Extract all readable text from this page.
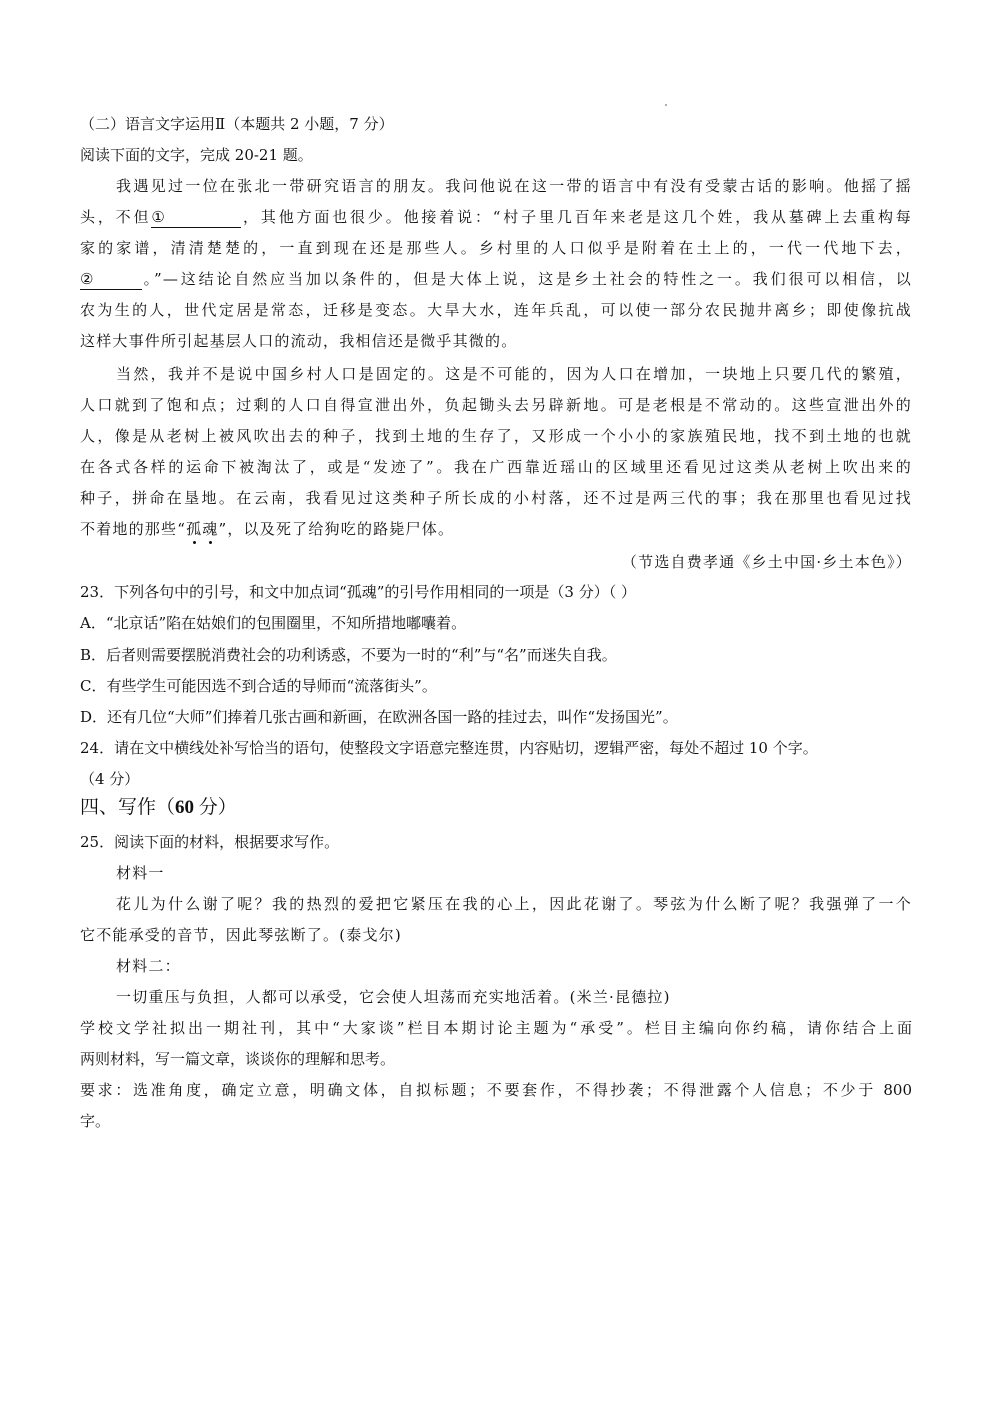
（二）语言文字运用Ⅱ（本题共 2 小题，7 分）
阅读下面的文字，完成 20-21 题。
我遇见过一位在张北一带研究语言的朋友。我问他说在这一带的语言中有没有受蒙古话的影响。他摇了摇
头，不但①	，其他方面也很少。他接着说：“村子里几百年来老是这几个姓，我从墓碑上去重构每
家的家谱，清清楚楚的，一直到现在还是那些人。乡村里的人口似乎是附着在土上的，一代一代地下去，
②	。”—这结论自然应当加以条件的，但是大体上说，这是乡土社会的特性之一。我们很可以相信，以
农为生的人，世代定居是常态，迁移是变态。大旱大水，连年兵乱，可以使一部分农民抛井离乡；即使像抗战
这样大事件所引起基层人口的流动，我相信还是微乎其微的。
当然，我并不是说中国乡村人口是固定的。这是不可能的，因为人口在增加，一块地上只要几代的繁殖，
人口就到了饱和点；过剩的人口自得宣泄出外，负起锄头去另辟新地。可是老根是不常动的。这些宣泄出外的
人，像是从老树上被风吹出去的种子，找到土地的生存了，又形成一个小小的家族殖民地，找不到土地的也就
在各式各样的运命下被淘汰了，或是“发迹了”。我在广西靠近瑶山的区域里还看见过这类从老树上吹出来的
种子，拼命在垦地。在云南，我看见过这类种子所长成的小村落，还不过是两三代的事；我在那里也看见过找
不着地的那些“孤魂”，以及死了给狗吃的路毙尸体。
（节选自费孝通《乡土中国·乡土本色》）
23．下列各句中的引号，和文中加点词“孤魂”的引号作用相同的一项是（3 分）（ ）
A．“北京话”陷在姑娘们的包围圈里，不知所措地嘟囔着。
B．后者则需要摆脱消费社会的功利诱惑，不要为一时的“利”与“名”而迷失自我。
C．有些学生可能因选不到合适的导师而“流落街头”。
D．还有几位“大师”们捧着几张古画和新画，在欧洲各国一路的挂过去，叫作“发扬国光”。
24．请在文中横线处补写恰当的语句，使整段文字语意完整连贯，内容贴切，逻辑严密，每处不超过 10 个字。
（4 分）
四、写作（60 分）
25．阅读下面的材料，根据要求写作。
材料一
花儿为什么谢了呢？我的热烈的爱把它紧压在我的心上，因此花谢了。琴弦为什么断了呢？我强弹了一个
它不能承受的音节，因此琴弦断了。(泰戈尔)
材料二：
一切重压与负担，人都可以承受，它会使人坦荡而充实地活着。(米兰·昆德拉)
学校文学社拟出一期社刊，其中“大家谈”栏目本期讨论主题为“承受”。栏目主编向你约稿，请你结合上面
两则材料，写一篇文章，谈谈你的理解和思考。
要求：选准角度，确定立意，明确文体，自拟标题；不要套作，不得抄袭；不得泄露个人信息；不少于 800
字。
